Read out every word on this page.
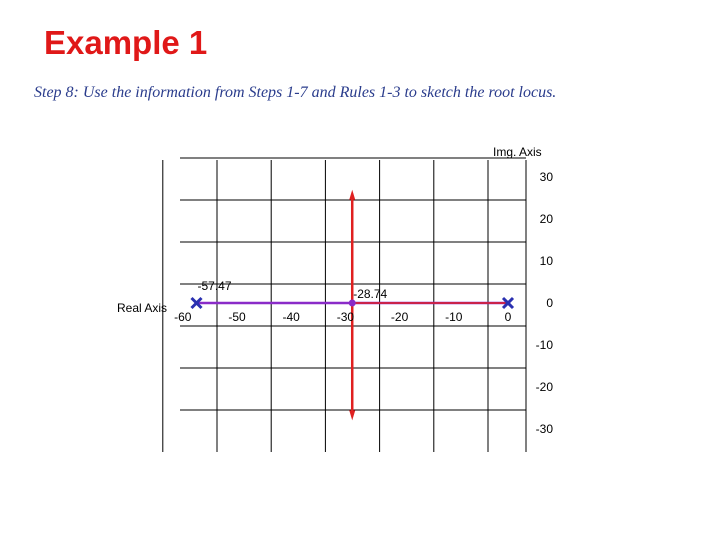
Example 1

Step 8: Use the information from Steps 1-7 and Rules 1-3 to sketch the root locus.

-60	-50	-40	-30	-20	-10	0
30
20
10
0
-10
-20
-30
-57.47
-28.74
Img. Axis
Real Axis
